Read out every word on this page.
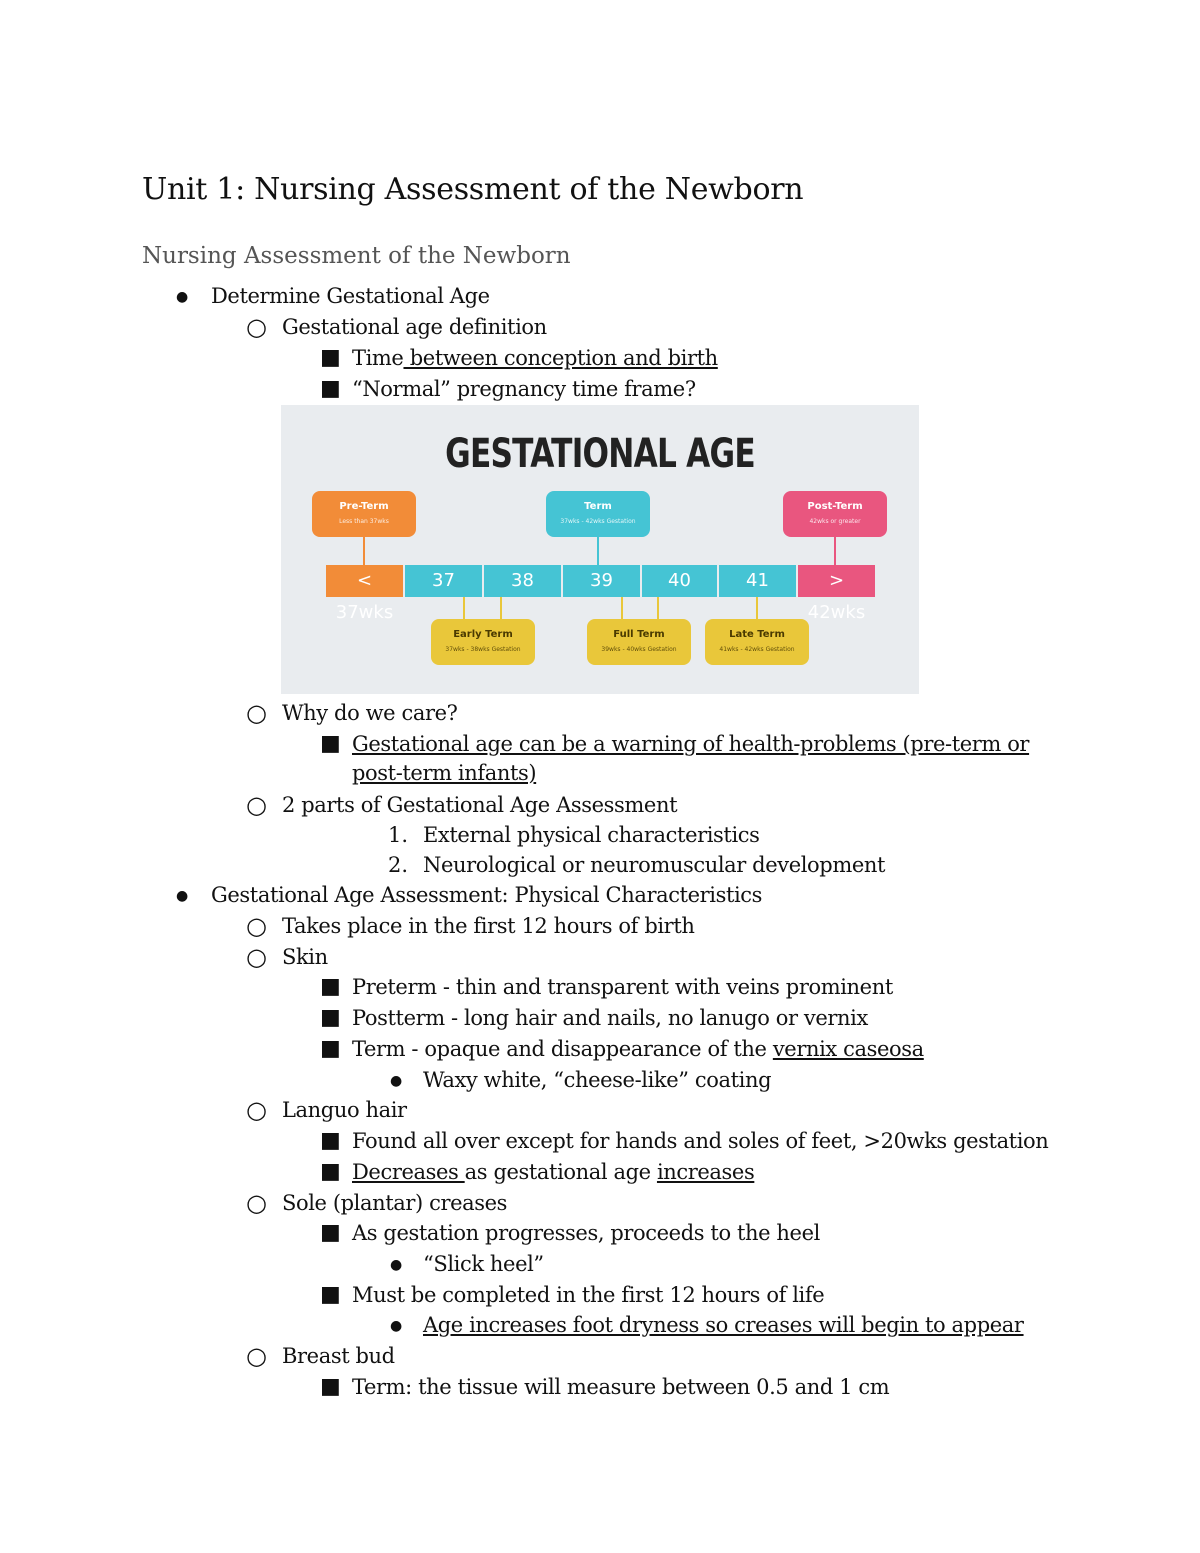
Unit 1: Nursing Assessment of the Newborn
Nursing Assessment of the Newborn
● Determine Gestational Age
○ Gestational age definition
■ Time between conception and birth
■ “Normal” pregnancy time frame?
GESTATIONAL AGE
Pre-Term
Less than 37wks
Term
37wks - 42wks Gestation
Post-Term
42wks or greater
< 37wks
37	38	39	40	41	> 42wks
Early Term
37wks - 38wks Gestation
Full Term
39wks - 40wks Gestation
Late Term
41wks - 42wks Gestation
○ Why do we care?
■ Gestational age can be a warning of health-problems (pre-term or
post-term infants)
○ 2 parts of Gestational Age Assessment
1. External physical characteristics
2. Neurological or neuromuscular development
● Gestational Age Assessment: Physical Characteristics
○ Takes place in the first 12 hours of birth
○ Skin
■ Preterm - thin and transparent with veins prominent
■ Postterm - long hair and nails, no lanugo or vernix
■ Term - opaque and disappearance of the vernix caseosa
● Waxy white, “cheese-like” coating
○ Languo hair
■ Found all over except for hands and soles of feet, >20wks gestation
■ Decreases as gestational age increases
○ Sole (plantar) creases
■ As gestation progresses, proceeds to the heel
● “Slick heel”
■ Must be completed in the first 12 hours of life
● Age increases foot dryness so creases will begin to appear
○ Breast bud
■ Term: the tissue will measure between 0.5 and 1 cm
